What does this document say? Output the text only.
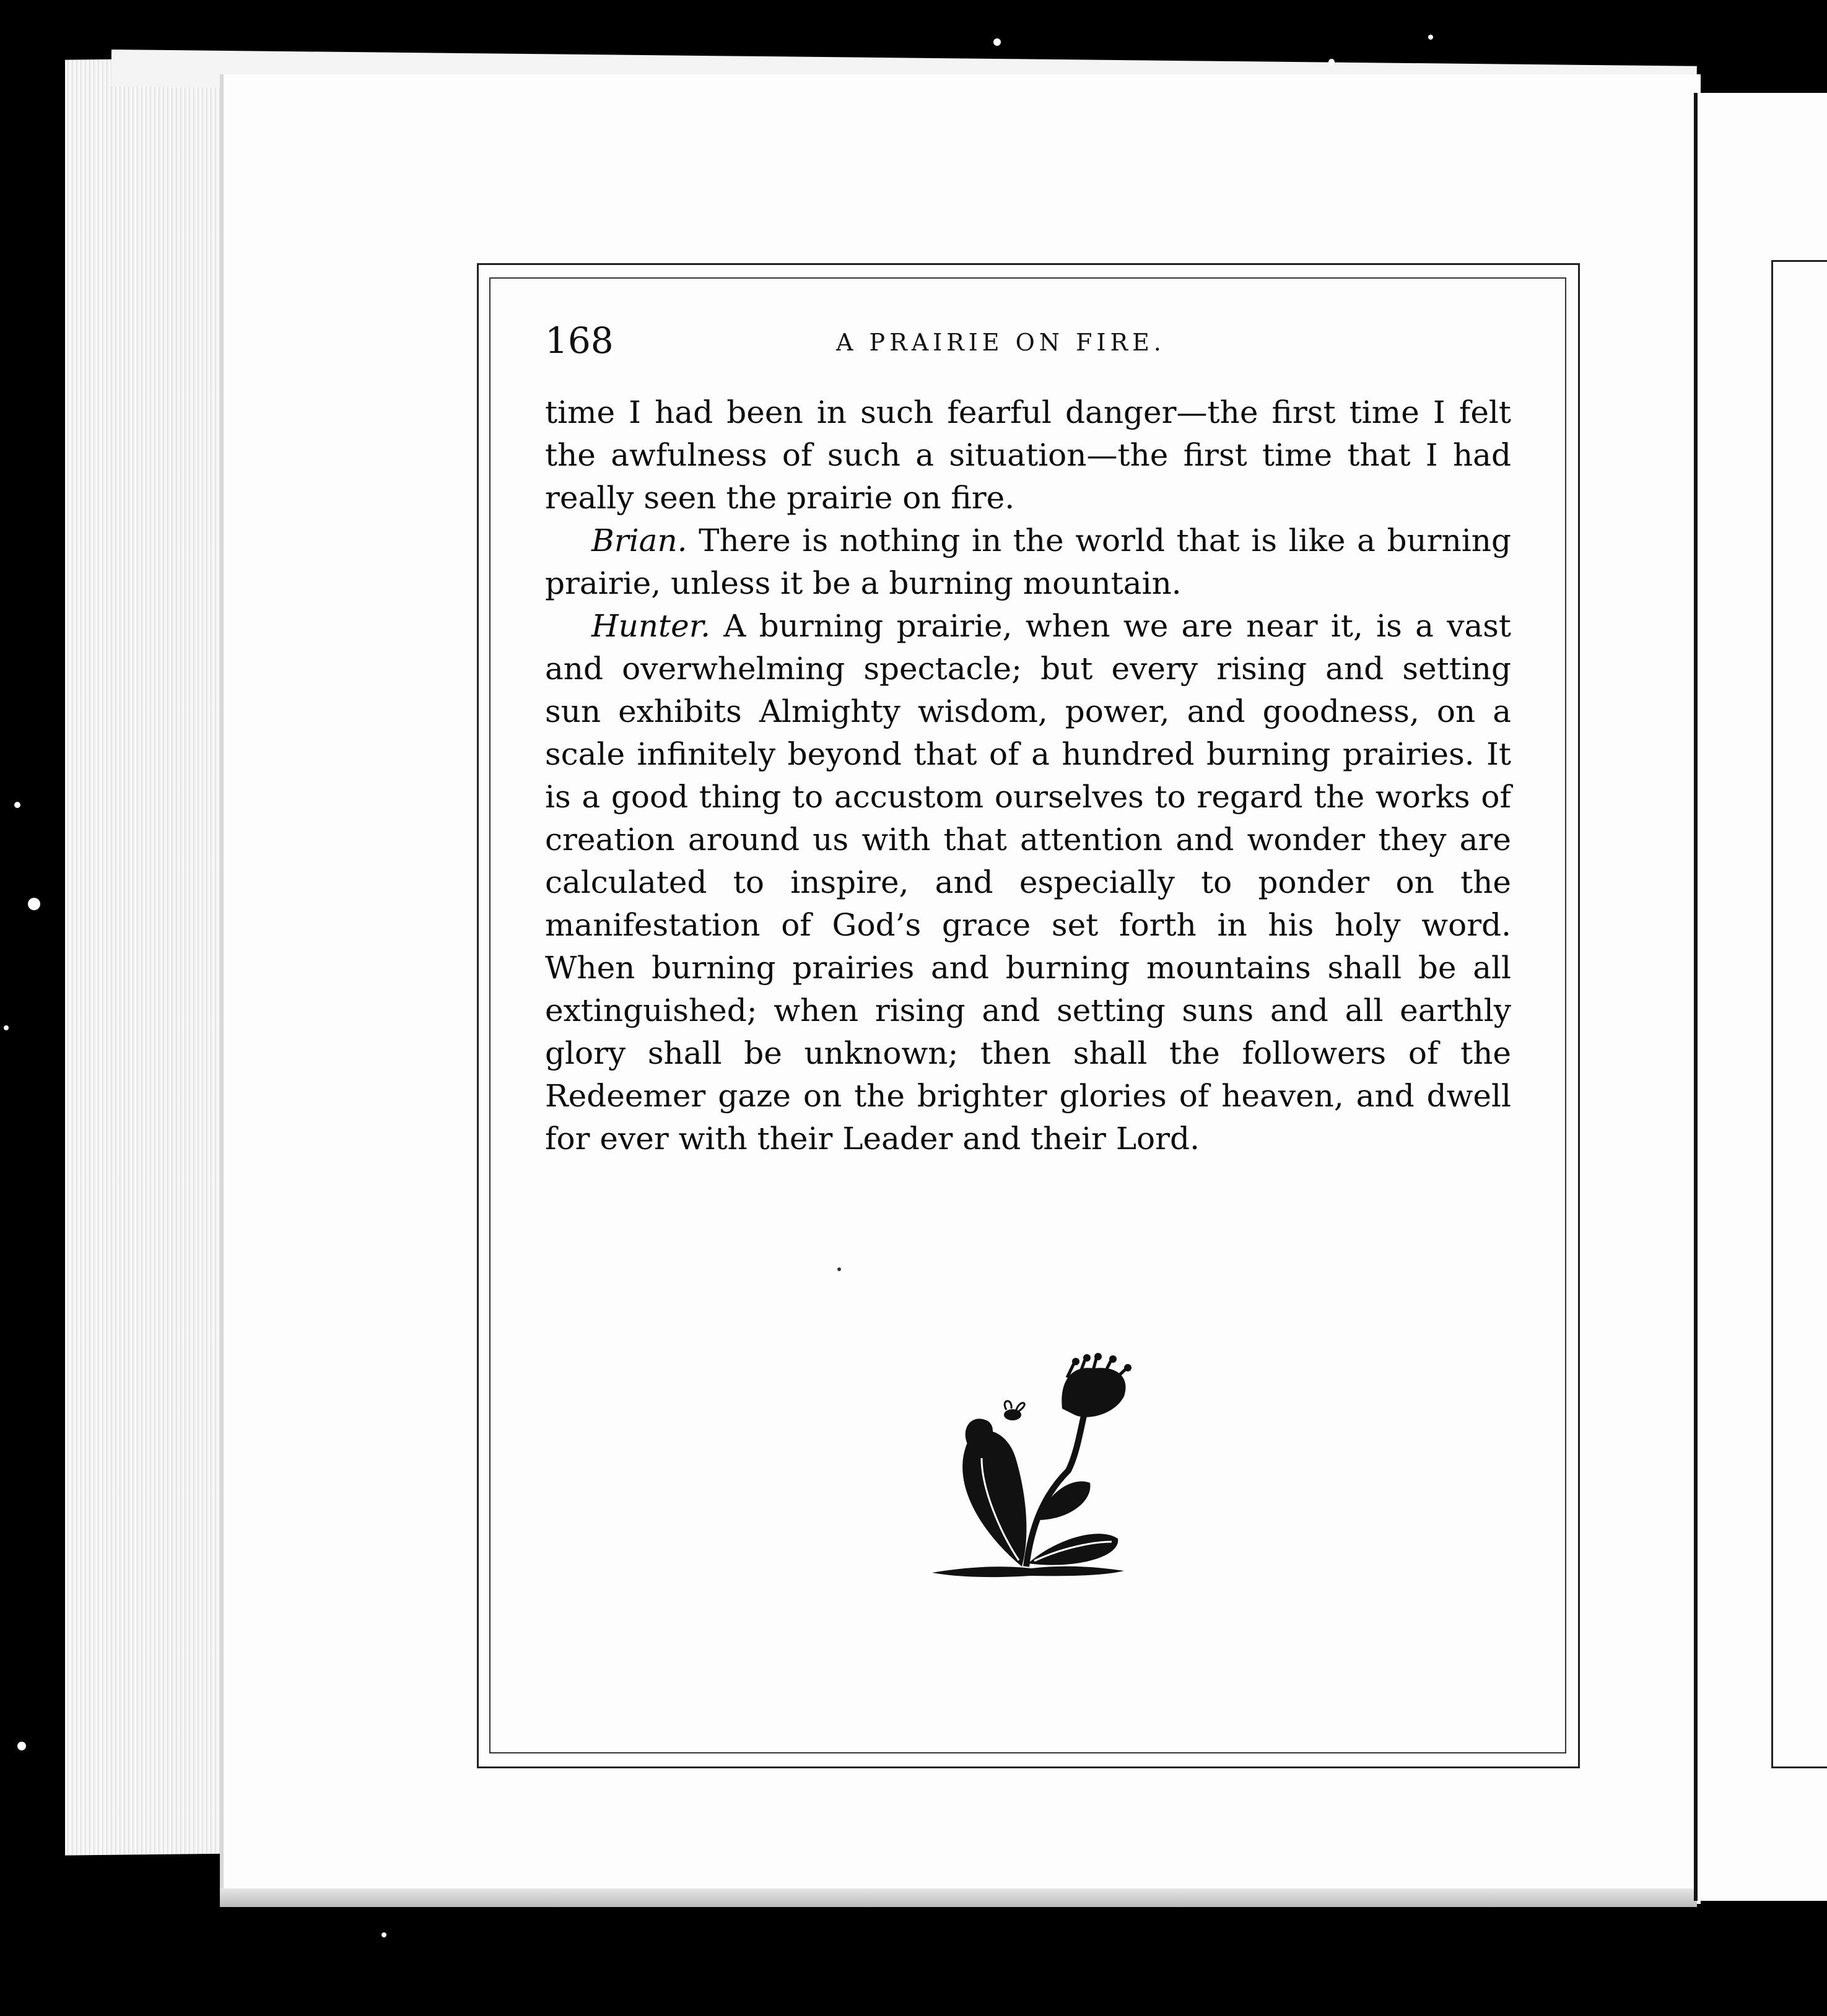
168	A PRAIRIE ON FIRE.

time I had been in such fearful danger—the first time I felt the awfulness of such a situation—the first time that I had really seen the prairie on fire.

Brian. There is nothing in the world that is like a burning prairie, unless it be a burning mountain.

Hunter. A burning prairie, when we are near it, is a vast and overwhelming spectacle; but every rising and setting sun exhibits Almighty wisdom, power, and goodness, on a scale infinitely beyond that of a hundred burning prairies. It is a good thing to accustom ourselves to regard the works of creation around us with that attention and wonder they are calculated to inspire, and especially to ponder on the manifestation of God’s grace set forth in his holy word. When burning prairies and burning mountains shall be all extinguished; when rising and setting suns and all earthly glory shall be unknown; then shall the followers of the Redeemer gaze on the brighter glories of heaven, and dwell for ever with their Leader and their Lord.
